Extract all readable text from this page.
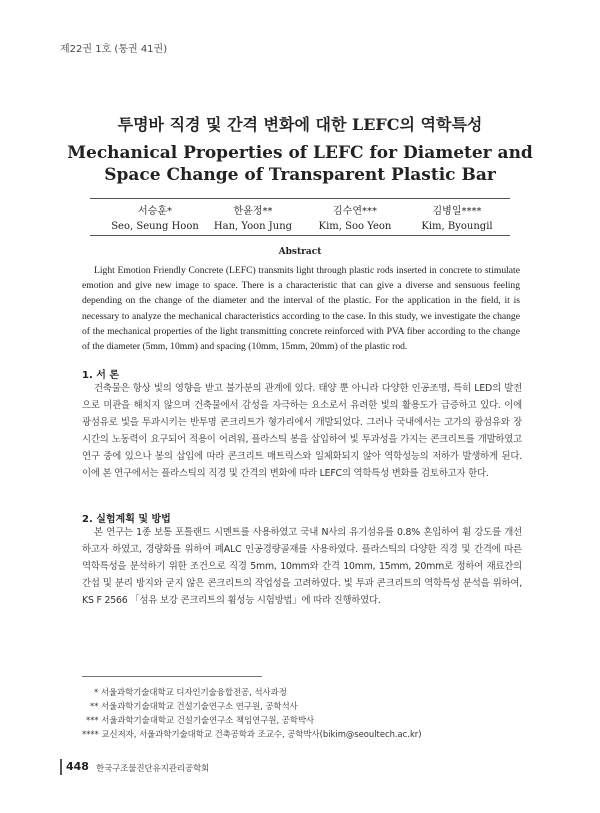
제22권 1호 (통권 41권)
투명바 직경 및 간격 변화에 대한 LEFC의 역학특성
Mechanical Properties of LEFC for Diameter and Space Change of Transparent Plastic Bar
서승훈*
Seo, Seung Hoon
한윤정**
Han, Yoon Jung
김수연***
Kim, Soo Yeon
김병일****
Kim, Byoungil
Abstract
Light Emotion Friendly Concrete (LEFC) transmits light through plastic rods inserted in concrete to stimulate emotion and give new image to space. There is a characteristic that can give a diverse and sensuous feeling depending on the change of the diameter and the interval of the plastic. For the application in the field, it is necessary to analyze the mechanical characteristics according to the case. In this study, we investigate the change of the mechanical properties of the light transmitting concrete reinforced with PVA fiber according to the change of the diameter (5mm, 10mm) and spacing (10mm, 15mm, 20mm) of the plastic rod.
1. 서 론
건축물은 항상 빛의 영향을 받고 불가분의 관계에 있다. 태양 뿐 아니라 다양한 인공조명, 특히 LED의 발전으로 미관을 해치지 않으며 건축물에서 감성을 자극하는 요소로서 유려한 빛의 활용도가 급증하고 있다. 이에 광섬유로 빛을 투과시키는 반투명 콘크리트가 형가리에서 개발되었다. 그러나 국내에서는 고가의 광섬유와 장시간의 노동력이 요구되어 적용이 어려워, 플라스틱 봉을 삽입하여 빛 투과성을 가지는 콘크리트를 개발하였고 연구 중에 있으나 봉의 삽입에 따라 콘크리트 매트릭스와 일체화되지 않아 역학성능의 저하가 발생하게 된다. 이에 본 연구에서는 플라스틱의 직경 및 간격의 변화에 따라 LEFC의 역학특성 변화를 검토하고자 한다.
2. 실험계획 및 방법
본 연구는 1종 보통 포틀랜드 시멘트를 사용하였고 국내 N사의 유기섬유를 0.8% 혼입하여 휨 강도를 개선하고자 하였고, 경량화를 위하여 폐ALC 인공경량골재를 사용하였다. 플라스틱의 다양한 직경 및 간격에 따른 역학특성을 분석하기 위한 조건으로 직경 5mm, 10mm와 간격 10mm, 15mm, 20mm로 정하여 재료간의 간섭 및 분리 방지와 굳지 않은 콘크리트의 작업성을 고려하였다. 빛 투과 콘크리트의 역학특성 분석을 위하여, KS F 2566 「섬유 보강 콘크리트의 휨성능 시험방법」에 따라 진행하였다.
* 서울과학기술대학교 디자인기술융합전공, 석사과정
** 서울과학기술대학교 건설기술연구소 연구원, 공학석사
*** 서울과학기술대학교 건설기술연구소 책임연구원, 공학박사
**** 교신저자, 서울과학기술대학교 건축공학과 조교수, 공학박사(bikim@seoultech.ac.kr)
448 한국구조물진단유지관리공학회
